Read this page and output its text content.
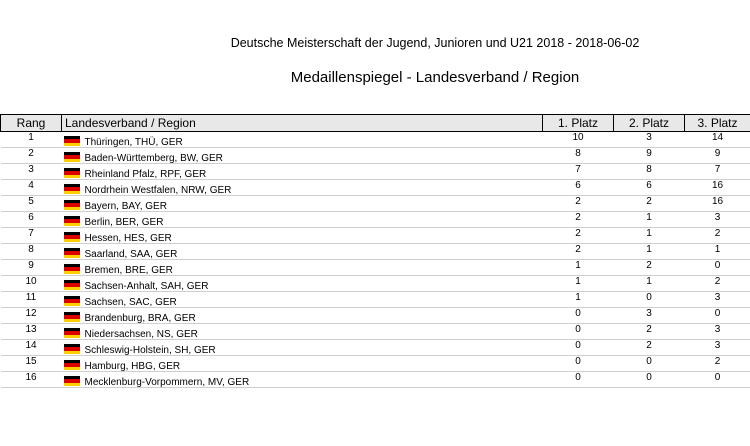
Deutsche Meisterschaft der Jugend, Junioren und U21 2018 - 2018-06-02
Medaillenspiegel - Landesverband / Region
Rang	Landesverband / Region	1. Platz	2. Platz	3. Platz
1	Thüringen, THÜ, GER	10	3	14
2	Baden-Württemberg, BW, GER	8	9	9
3	Rheinland Pfalz, RPF, GER	7	8	7
4	Nordrhein Westfalen, NRW, GER	6	6	16
5	Bayern, BAY, GER	2	2	16
6	Berlin, BER, GER	2	1	3
7	Hessen, HES, GER	2	1	2
8	Saarland, SAA, GER	2	1	1
9	Bremen, BRE, GER	1	2	0
10	Sachsen-Anhalt, SAH, GER	1	1	2
11	Sachsen, SAC, GER	1	0	3
12	Brandenburg, BRA, GER	0	3	0
13	Niedersachsen, NS, GER	0	2	3
14	Schleswig-Holstein, SH, GER	0	2	3
15	Hamburg, HBG, GER	0	0	2
16	Mecklenburg-Vorpommern, MV, GER	0	0	0
